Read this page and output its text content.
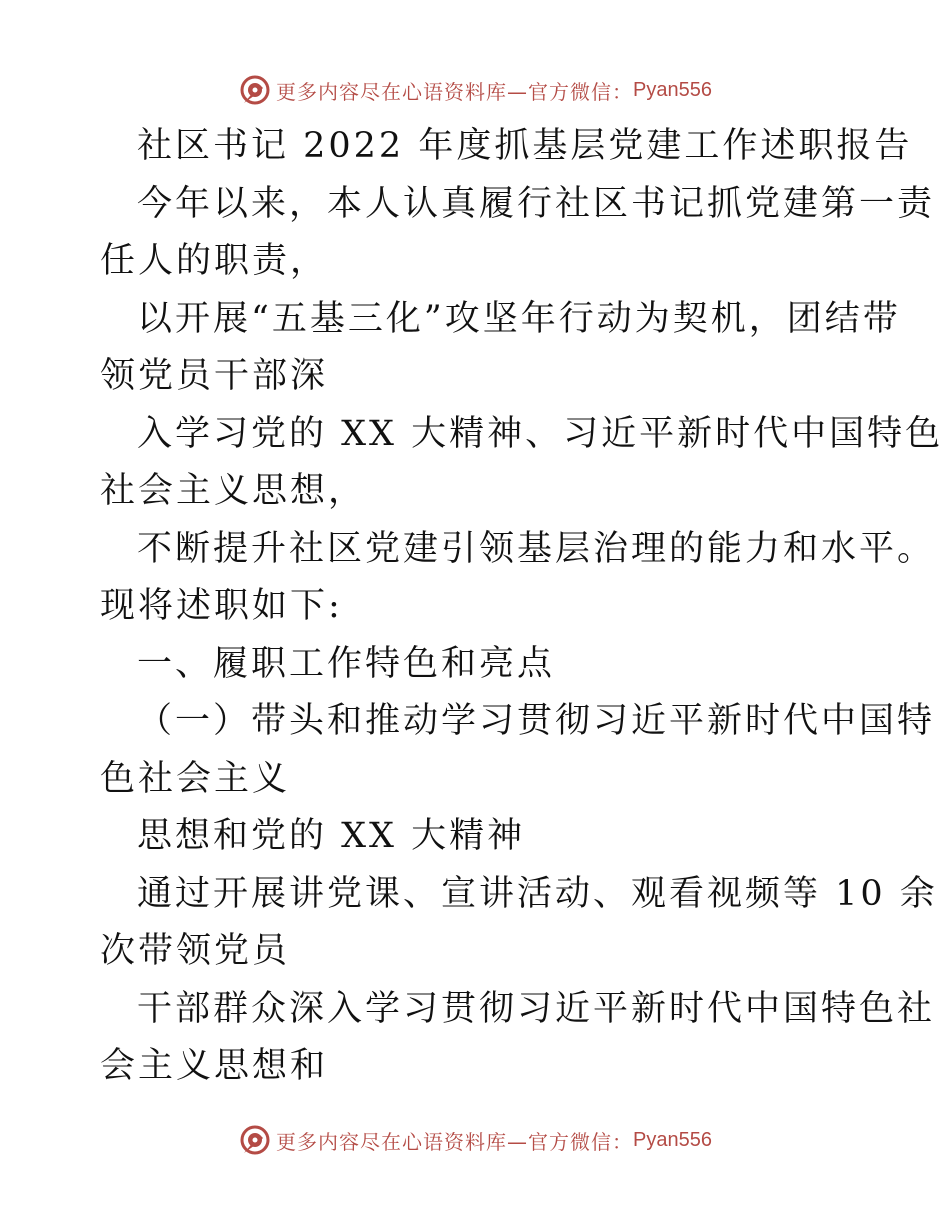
更多内容尽在心语资料库—官方微信： Pyan556
社区书记 2022 年度抓基层党建工作述职报告
今年以来，本人认真履行社区书记抓党建第一责
任人的职责，
以开展“五基三化”攻坚年行动为契机，团结带
领党员干部深
入学习党的 XX 大精神、习近平新时代中国特色
社会主义思想，
不断提升社区党建引领基层治理的能力和水平。
现将述职如下:
一、履职工作特色和亮点
（一）带头和推动学习贯彻习近平新时代中国特
色社会主义
思想和党的 XX 大精神
通过开展讲党课、宣讲活动、观看视频等 10 余
次带领党员
干部群众深入学习贯彻习近平新时代中国特色社
会主义思想和
更多内容尽在心语资料库—官方微信： Pyan556
